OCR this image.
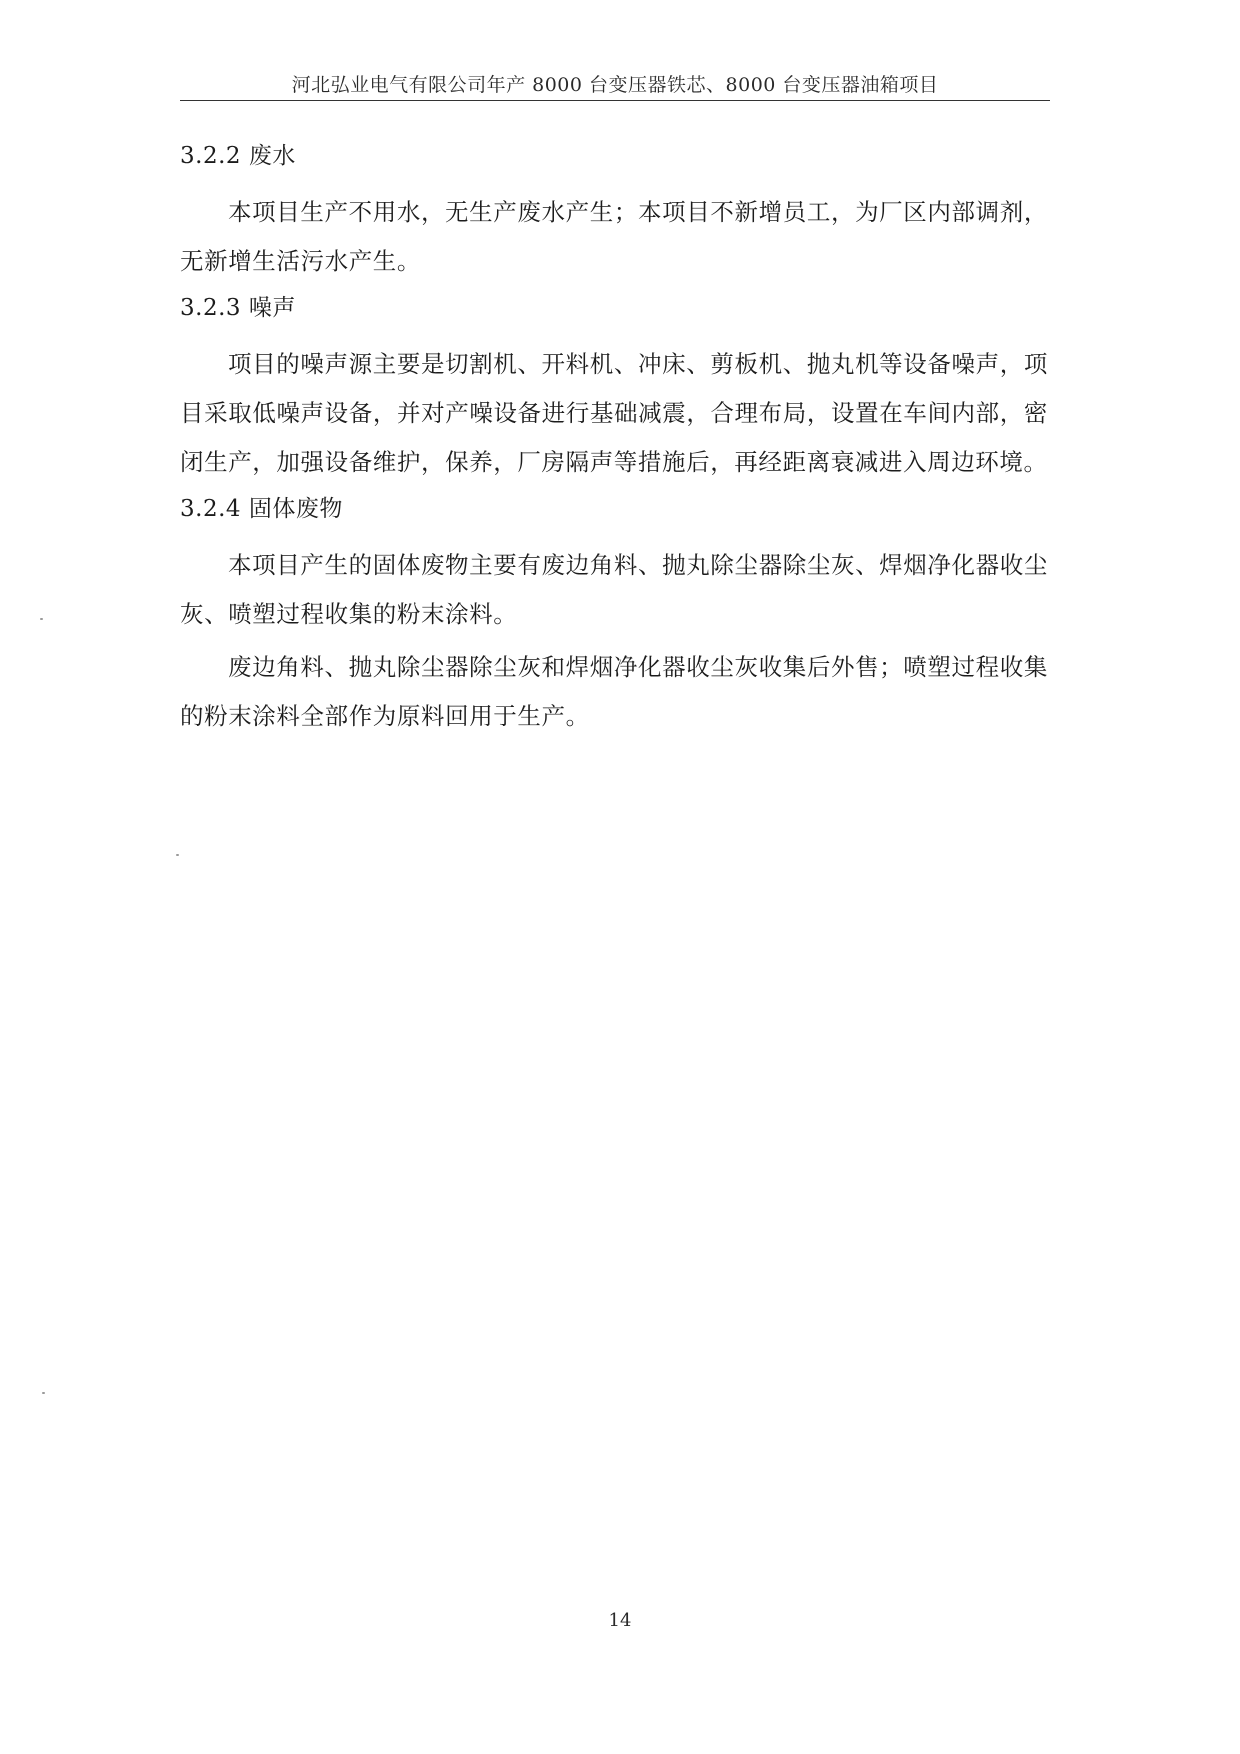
河北弘业电气有限公司年产 8000 台变压器铁芯、8000 台变压器油箱项目
3.2.2 废水

本项目生产不用水，无生产废水产生；本项目不新增员工，为厂区内部调剂，无新增生活污水产生。

3.2.3 噪声

项目的噪声源主要是切割机、开料机、冲床、剪板机、抛丸机等设备噪声，项目采取低噪声设备，并对产噪设备进行基础减震，合理布局，设置在车间内部，密闭生产，加强设备维护，保养，厂房隔声等措施后，再经距离衰减进入周边环境。

3.2.4 固体废物

本项目产生的固体废物主要有废边角料、抛丸除尘器除尘灰、焊烟净化器收尘灰、喷塑过程收集的粉末涂料。

废边角料、抛丸除尘器除尘灰和焊烟净化器收尘灰收集后外售；喷塑过程收集的粉末涂料全部作为原料回用于生产。

14
